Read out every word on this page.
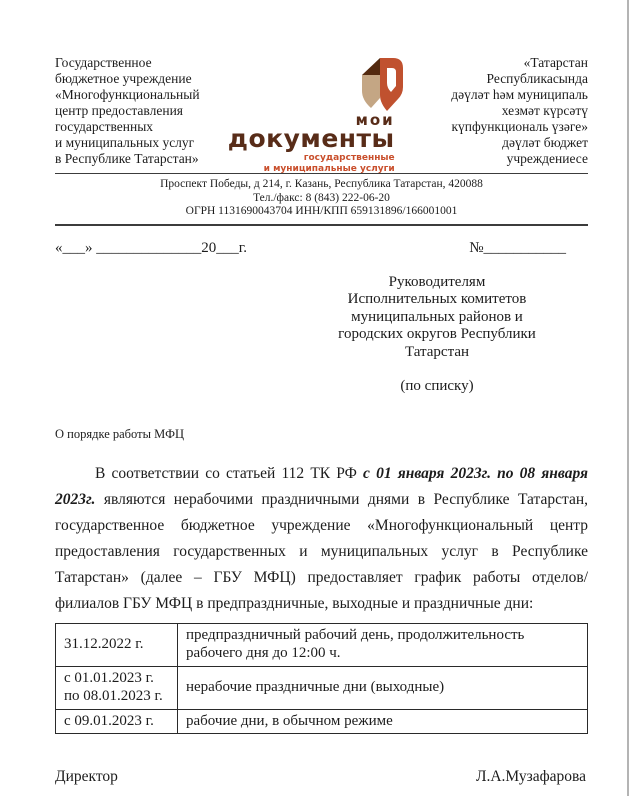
Государственное
бюджетное учреждение
«Многофункциональный
центр предоставления
государственных
и муниципальных услуг
в Республике Татарстан»
мои
документы
государственные
и муниципальные услуги
«Татарстан
Республикасында
дәүләт һәм муниципаль
хезмәт күрсәтү
күпфункциональ үзәге»
дәүләт бюджет
учреждениесе
Проспект Победы, д 214, г. Казань, Республика Татарстан, 420088
Тел./факс: 8 (843) 222-06-20
ОГРН 1131690043704 ИНН/КПП 659131896/166001001
«___» ______________20___г.	№___________
Руководителям
Исполнительных комитетов
муниципальных районов и
городских округов Республики
Татарстан
(по списку)
О порядке работы МФЦ

В соответствии со статьей 112 ТК РФ с 01 января 2023г. по 08 января 2023г. являются нерабочими праздничными днями в Республике Татарстан, государственное бюджетное учреждение «Многофункциональный центр предоставления государственных и муниципальных услуг в Республике Татарстан» (далее – ГБУ МФЦ) предоставляет график работы отделов/филиалов ГБУ МФЦ в предпраздничные, выходные и праздничные дни:

31.12.2022 г.	предпраздничный рабочий день, продолжительность рабочего дня до 12:00 ч.
с 01.01.2023 г. по 08.01.2023 г.	нерабочие праздничные дни (выходные)
с 09.01.2023 г.	рабочие дни, в обычном режиме
Директор	Л.А.Музафарова
